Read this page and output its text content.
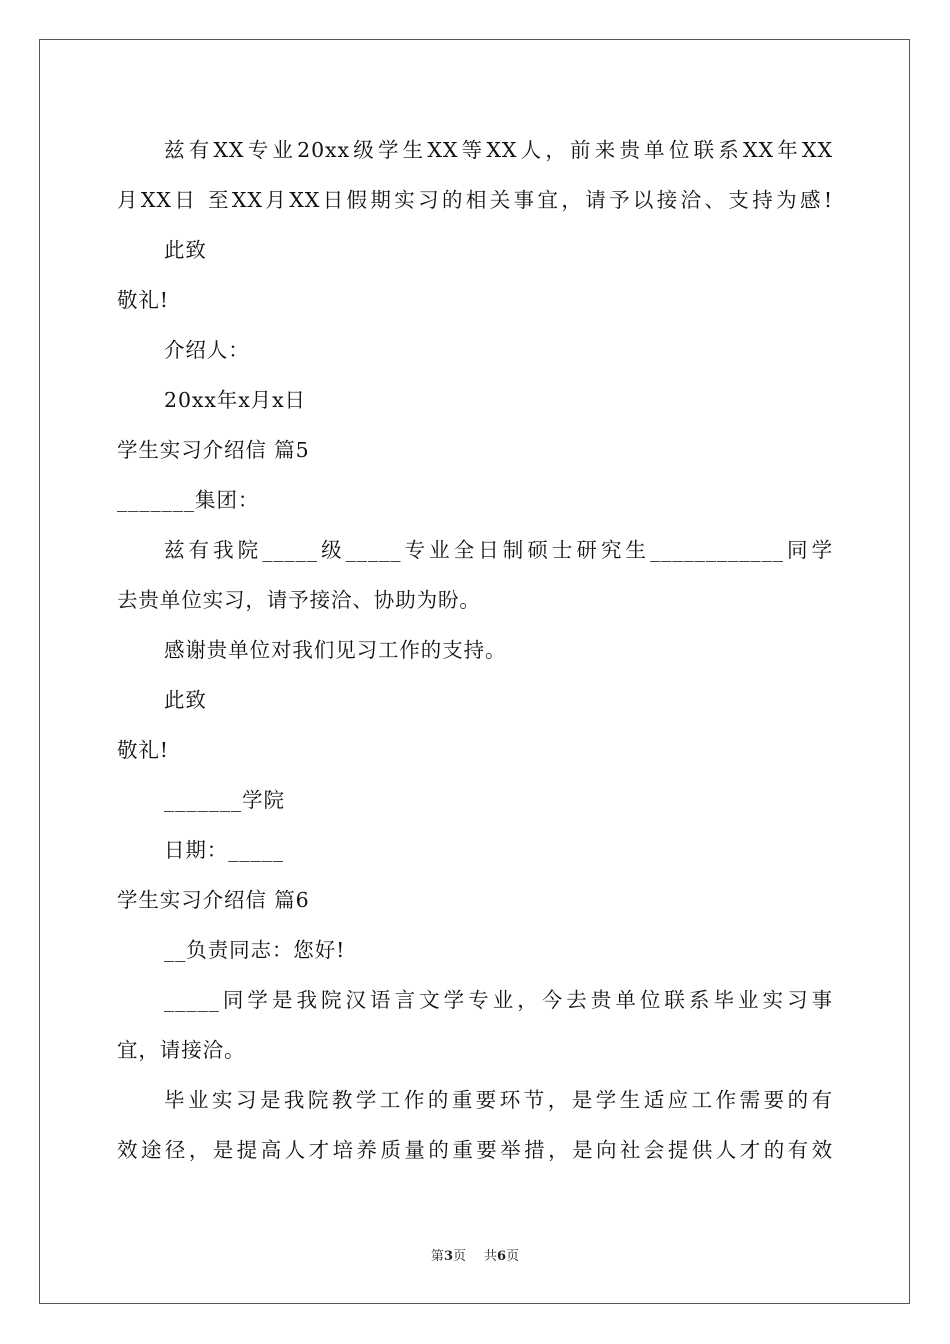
兹有XX专业20xx级学生XX等XX人，前来贵单位联系XX年XX
月XX日 至XX月XX日假期实习的相关事宜，请予以接洽、支持为感!
此致
敬礼!
介绍人：
20xx年x月x日
学生实习介绍信 篇5
_______集团：
兹有我院_____级_____专业全日制硕士研究生____________同学
去贵单位实习，请予接洽、协助为盼。
感谢贵单位对我们见习工作的支持。
此致
敬礼!
_______学院
日期：_____
学生实习介绍信 篇6
__负责同志：您好!
_____同学是我院汉语言文学专业，今去贵单位联系毕业实习事
宜，请接洽。
毕业实习是我院教学工作的重要环节，是学生适应工作需要的有
效途径，是提高人才培养质量的重要举措，是向社会提供人才的有效
第3页 共6页
